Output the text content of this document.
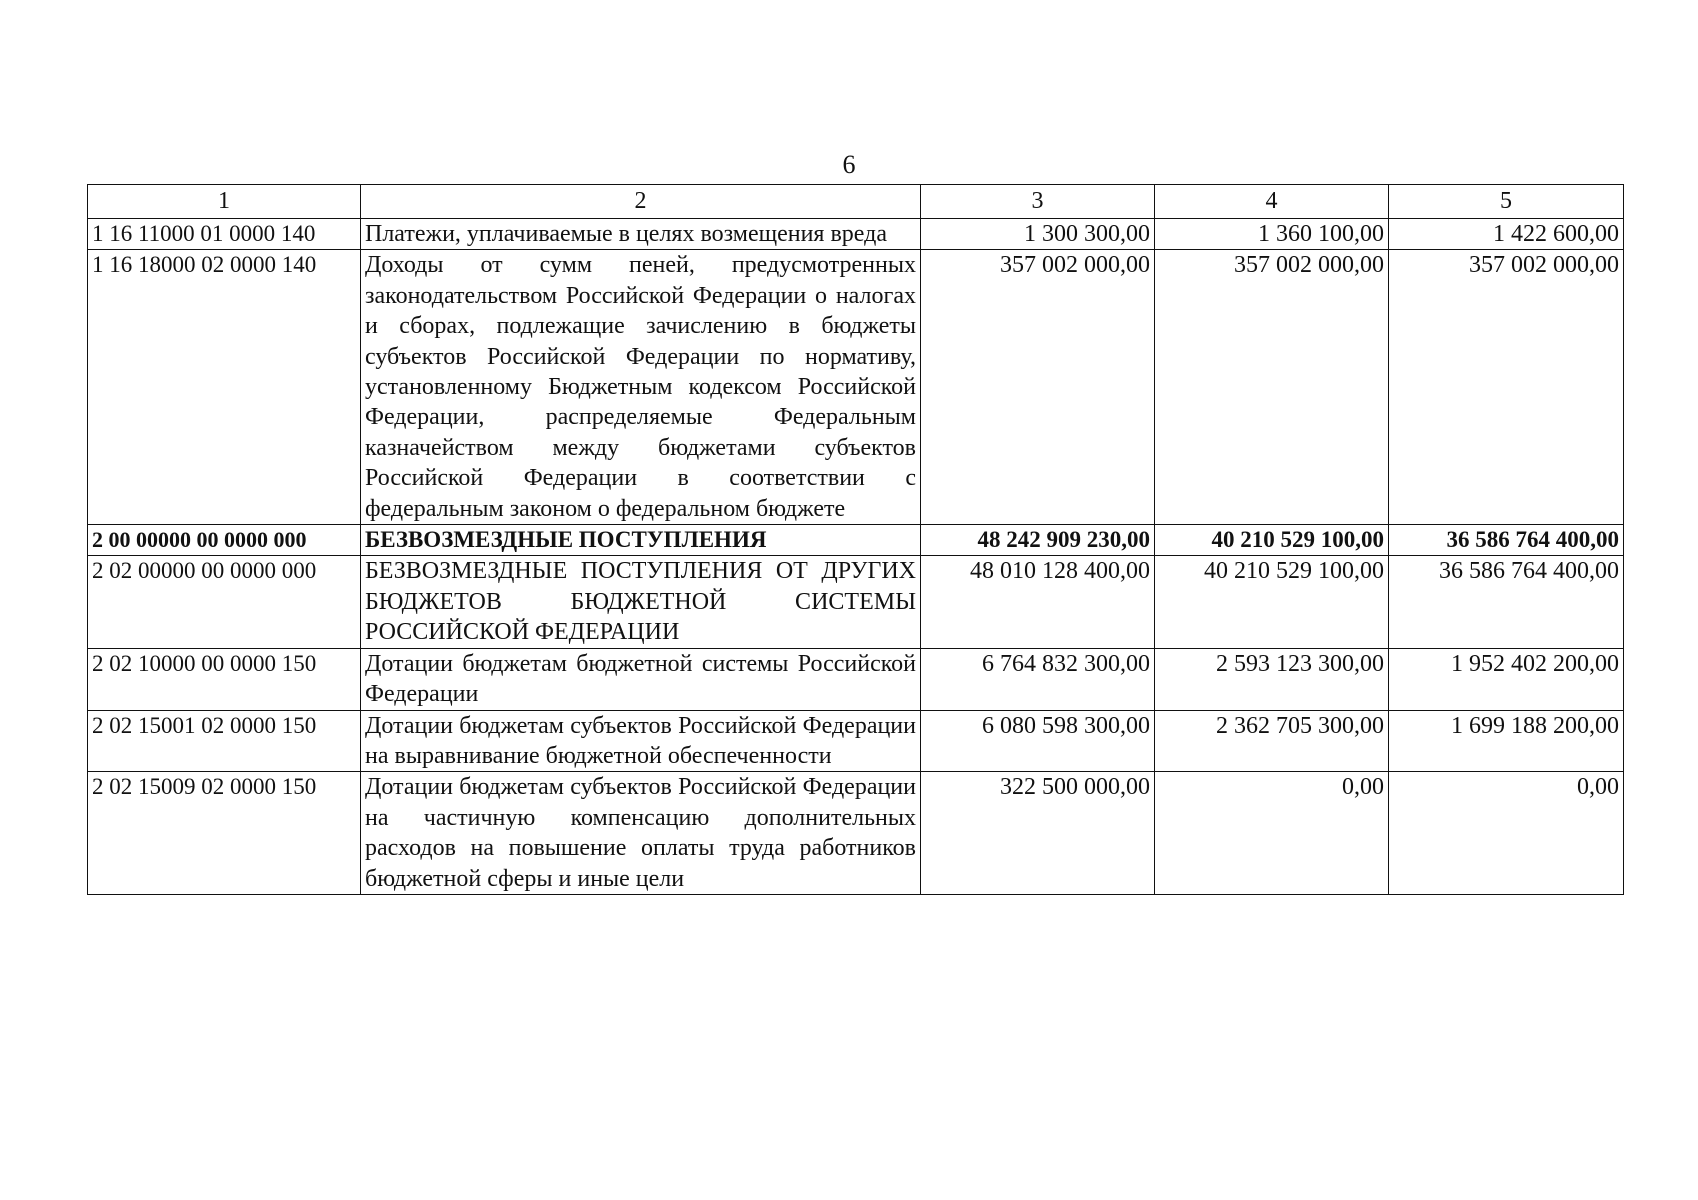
6
1	2	3	4	5
1 16 11000 01 0000 140	Платежи, уплачиваемые в целях возмещения вреда	1 300 300,00	1 360 100,00	1 422 600,00
1 16 18000 02 0000 140	Доходы от сумм пеней, предусмотренных законодательством Российской Федерации о налогах и сборах, подлежащие зачислению в бюджеты субъектов Российской Федерации по нормативу, установленному Бюджетным кодексом Российской Федерации, распределяемые Федеральным казначейством между бюджетами субъектов Российской Федерации в соответствии с федеральным законом о федеральном бюджете	357 002 000,00	357 002 000,00	357 002 000,00
2 00 00000 00 0000 000	БЕЗВОЗМЕЗДНЫЕ ПОСТУПЛЕНИЯ	48 242 909 230,00	40 210 529 100,00	36 586 764 400,00
2 02 00000 00 0000 000	БЕЗВОЗМЕЗДНЫЕ ПОСТУПЛЕНИЯ ОТ ДРУГИХ БЮДЖЕТОВ БЮДЖЕТНОЙ СИСТЕМЫ РОССИЙСКОЙ ФЕДЕРАЦИИ	48 010 128 400,00	40 210 529 100,00	36 586 764 400,00
2 02 10000 00 0000 150	Дотации бюджетам бюджетной системы Российской Федерации	6 764 832 300,00	2 593 123 300,00	1 952 402 200,00
2 02 15001 02 0000 150	Дотации бюджетам субъектов Российской Федерации на выравнивание бюджетной обеспеченности	6 080 598 300,00	2 362 705 300,00	1 699 188 200,00
2 02 15009 02 0000 150	Дотации бюджетам субъектов Российской Федерации на частичную компенсацию дополнительных расходов на повышение оплаты труда работников бюджетной сферы и иные цели	322 500 000,00	0,00	0,00
